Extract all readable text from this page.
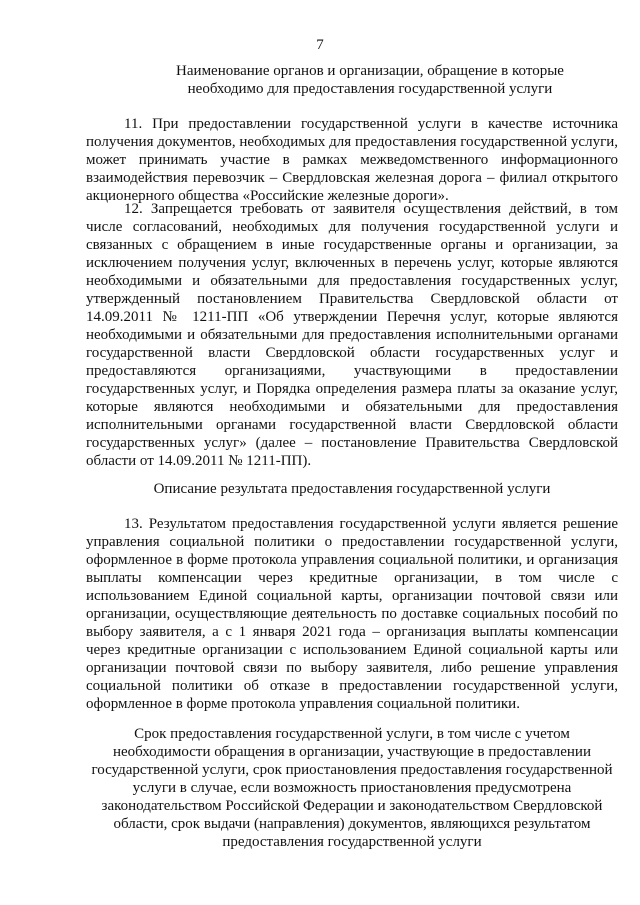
7
Наименование органов и организации, обращение в которые необходимо для предоставления государственной услуги

11. При предоставлении государственной услуги в качестве источника получения документов, необходимых для предоставления государственной услуги, может принимать участие в рамках межведомственного информационного взаимодействия перевозчик – Свердловская железная дорога – филиал открытого акционерного общества «Российские железные дороги».

12. Запрещается требовать от заявителя осуществления действий, в том числе согласований, необходимых для получения государственной услуги и связанных с обращением в иные государственные органы и организации, за исключением получения услуг, включенных в перечень услуг, которые являются необходимыми и обязательными для предоставления государственных услуг, утвержденный постановлением Правительства Свердловской области от 14.09.2011 № 1211-ПП «Об утверждении Перечня услуг, которые являются необходимыми и обязательными для предоставления исполнительными органами государственной власти Свердловской области государственных услуг и предоставляются организациями, участвующими в предоставлении государственных услуг, и Порядка определения размера платы за оказание услуг, которые являются необходимыми и обязательными для предоставления исполнительными органами государственной власти Свердловской области государственных услуг» (далее – постановление Правительства Свердловской области от 14.09.2011 № 1211-ПП).

Описание результата предоставления государственной услуги

13. Результатом предоставления государственной услуги является решение управления социальной политики о предоставлении государственной услуги, оформленное в форме протокола управления социальной политики, и организация выплаты компенсации через кредитные организации, в том числе с использованием Единой социальной карты, организации почтовой связи или организации, осуществляющие деятельность по доставке социальных пособий по выбору заявителя, а с 1 января 2021 года – организация выплаты компенсации через кредитные организации с использованием Единой социальной карты или организации почтовой связи по выбору заявителя, либо решение управления социальной политики об отказе в предоставлении государственной услуги, оформленное в форме протокола управления социальной политики.

Срок предоставления государственной услуги, в том числе с учетом необходимости обращения в организации, участвующие в предоставлении государственной услуги, срок приостановления предоставления государственной услуги в случае, если возможность приостановления предусмотрена законодательством Российской Федерации и законодательством Свердловской области, срок выдачи (направления) документов, являющихся результатом предоставления государственной услуги
